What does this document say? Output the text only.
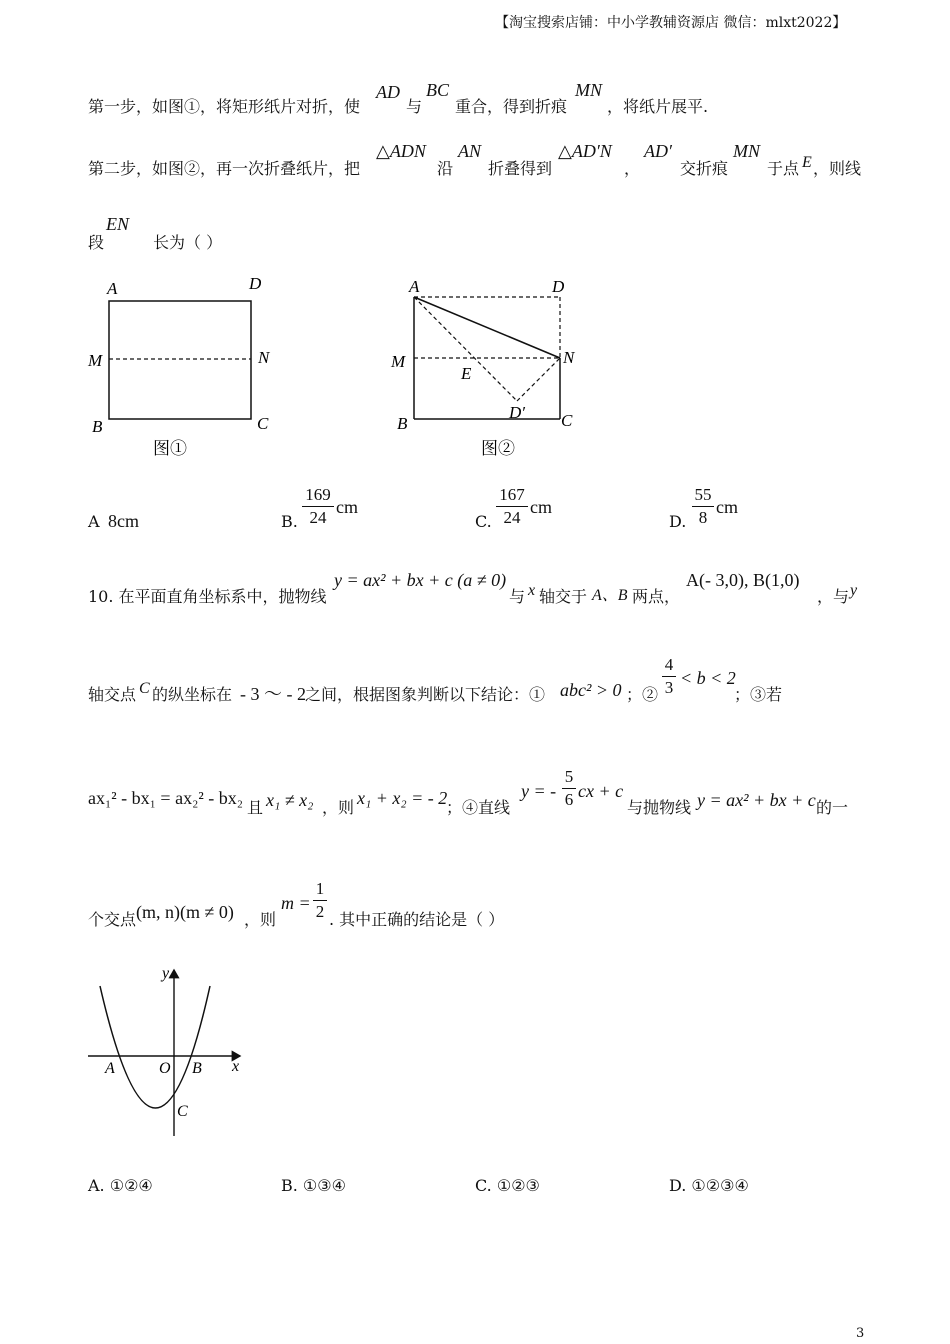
【淘宝搜索店铺：中小学教辅资源店 微信：mlxt2022】
第一步，如图①，将矩形纸片对折，使
AD
与
BC
重合，得到折痕
MN
，将纸片展平.
第二步，如图②，再一次折叠纸片，把
△ADN
沿
AN
折叠得到
△AD′N
，
AD′
交折痕
MN
于点 E ，则线
段
EN
长为（ ）
A	D
M	N
B	C
图①
A	D
M	N
E
D′
B	C
图②
A 8cm	B.
169
24
cm
C.
167
24
cm
D.
55
8
cm
10. 在平面直角坐标系中，抛物线
y = ax² + bx + c (a ≠ 0)
与 x 轴交于 A、B 两点，
A(- 3,0), B(1,0)
，与 y
轴交点 C 的纵坐标在 - 3 ～ - 2 之间，根据图象判断以下结论：① abc² > 0 ；②
4
3 < b < 2
；③若
ax₁² - bx₁ = ax₂² - bx₂ 且 x₁ ≠ x₂ ，则 x₁ + x₂ = - 2
；④直线
y = -
5
6 cx + c
与抛物线 y = ax² + bx + c 的一
个交点 (m, n)(m ≠ 0) ，则
m =
1
2 . 其中正确的结论是（ ）
y
A	O B x
C
A. ①②④	B. ①③④	C. ①②③	D. ①②③④
3
